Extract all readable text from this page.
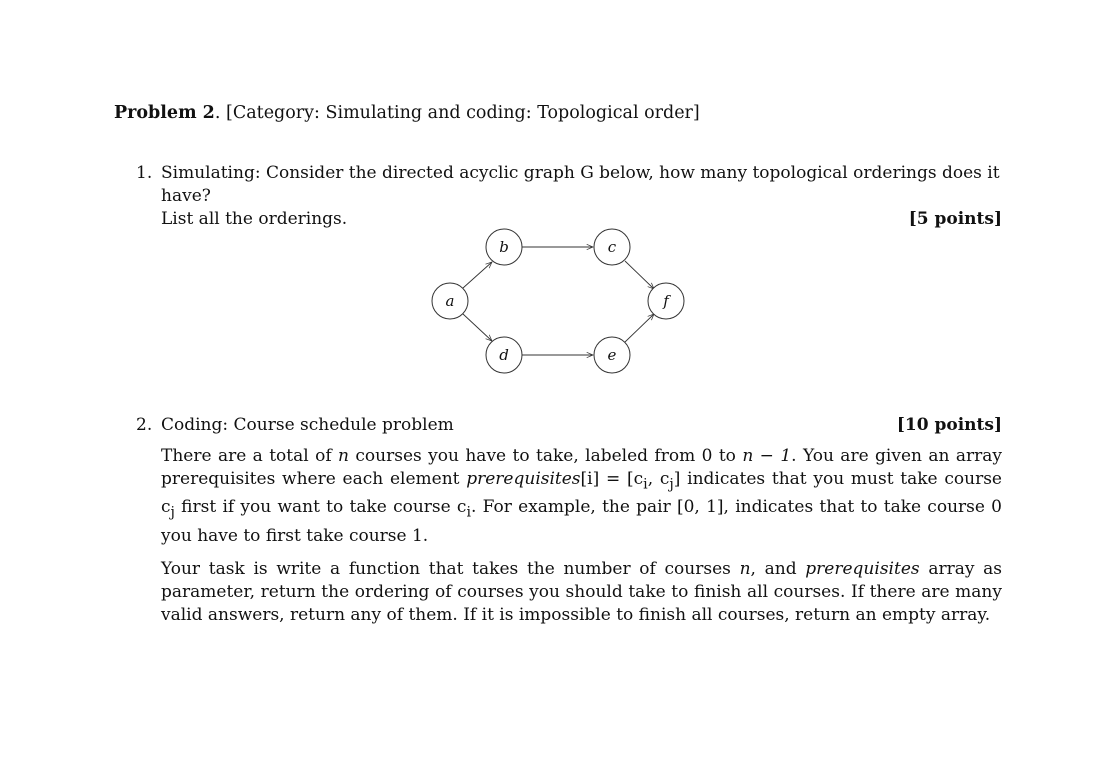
Problem 2. [Category: Simulating and coding: Topological order]
1. Simulating: Consider the directed acyclic graph G below, how many topological orderings does it have?
[5 points]
List all the orderings.
a
b	c
d	e
f
2.	[10 points]
Coding: Course schedule problem
There are a total of n courses you have to take, labeled from 0 to n − 1. You are given an array prerequisites where each element prerequisites[i] = [$c_i$, $c_j$] indicates that you must take course $c_j$ first if you want to take course $c_i$. For example, the pair [0, 1], indicates that to take course 0 you have to first take course 1.
Your task is write a function that takes the number of courses n, and prerequisites array as parameter, return the ordering of courses you should take to finish all courses. If there are many valid answers, return any of them. If it is impossible to finish all courses, return an empty array.
